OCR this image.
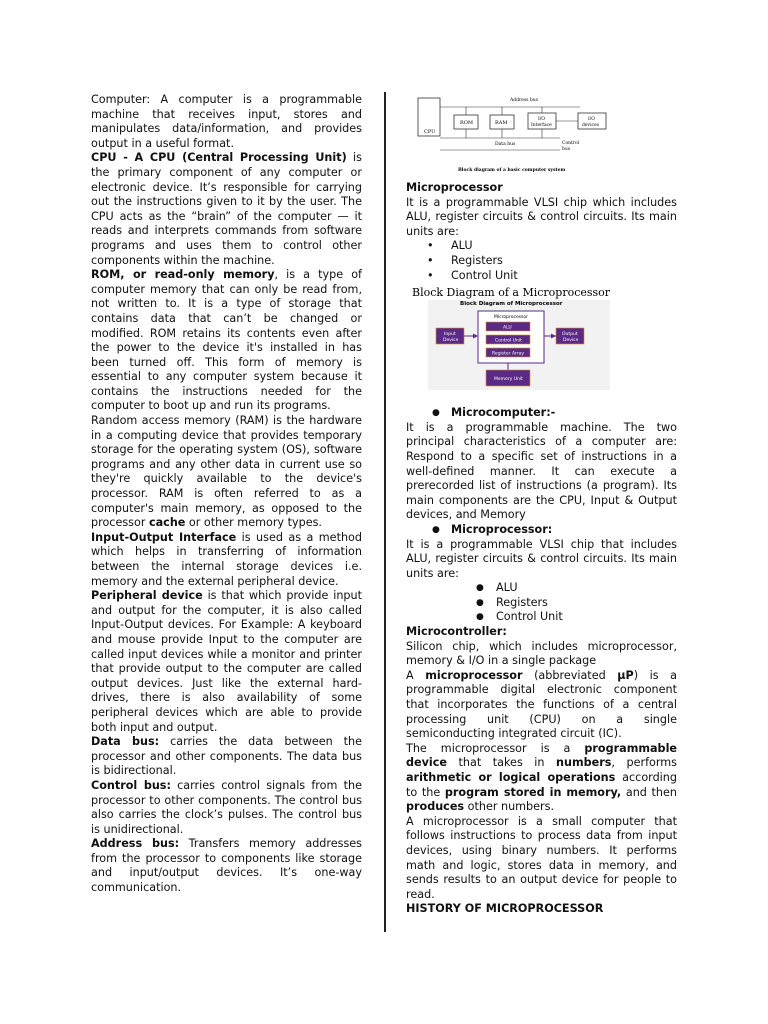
Computer: A computer is a programmable machine that receives input, stores and manipulates data/information, and provides output in a useful format.

CPU - A CPU (Central Processing Unit) is the primary component of any computer or electronic device. It’s responsible for carrying out the instructions given to it by the user. The CPU acts as the “brain” of the computer — it reads and interprets commands from software programs and uses them to control other components within the machine.

ROM, or read-only memory, is a type of computer memory that can only be read from, not written to. It is a type of storage that contains data that can’t be changed or modified. ROM retains its contents even after the power to the device it's installed in has been turned off. This form of memory is essential to any computer system because it contains the instructions needed for the computer to boot up and run its programs.

Random access memory (RAM) is the hardware in a computing device that provides temporary storage for the operating system (OS), software programs and any other data in current use so they're quickly available to the device's processor. RAM is often referred to as a computer's main memory, as opposed to the processor cache or other memory types.

Input-Output Interface is used as a method which helps in transferring of information between the internal storage devices i.e. memory and the external peripheral device.

Peripheral device is that which provide input and output for the computer, it is also called Input-Output devices. For Example: A keyboard and mouse provide Input to the computer are called input devices while a monitor and printer that provide output to the computer are called output devices. Just like the external hard-drives, there is also availability of some peripheral devices which are able to provide both input and output.

Data bus: carries the data between the processor and other components. The data bus is bidirectional.

Control bus: carries control signals from the processor to other components. The control bus also carries the clock’s pulses. The control bus is unidirectional.

Address bus: Transfers memory addresses from the processor to components like storage and input/output devices. It’s one-way communication.

CPU
Address bus
ROM	RAM
I/O
Interface
I/O
devices
Data bus	Control
bus
Block diagram of a basic computer system
Block Diagram of a Microprocessor
Block Diagram of Microprocessor
Microprocessor
ALU
Control Unit
Register Array
Input
Device
Output
Device
Memory Unit

Microprocessor

It is a programmable VLSI chip which includes ALU, register circuits & control circuits. Its main units are:

• ALU
• Registers
• Control Unit

● Microcomputer:-

It is a programmable machine. The two principal characteristics of a computer are: Respond to a specific set of instructions in a well-defined manner. It can execute a prerecorded list of instructions (a program). Its main components are the CPU, Input & Output devices, and Memory

● Microprocessor:

It is a programmable VLSI chip that includes ALU, register circuits & control circuits. Its main units are:

● ALU
● Registers
● Control Unit

Microcontroller:

Silicon chip, which includes microprocessor, memory & I/O in a single package

A microprocessor (abbreviated µP) is a programmable digital electronic component that incorporates the functions of a central processing unit (CPU) on a single semiconducting integrated circuit (IC).

The microprocessor is a programmable device that takes in numbers, performs arithmetic or logical operations according to the program stored in memory, and then produces other numbers.

A microprocessor is a small computer that follows instructions to process data from input devices, using binary numbers. It performs math and logic, stores data in memory, and sends results to an output device for people to read.

HISTORY OF MICROPROCESSOR
